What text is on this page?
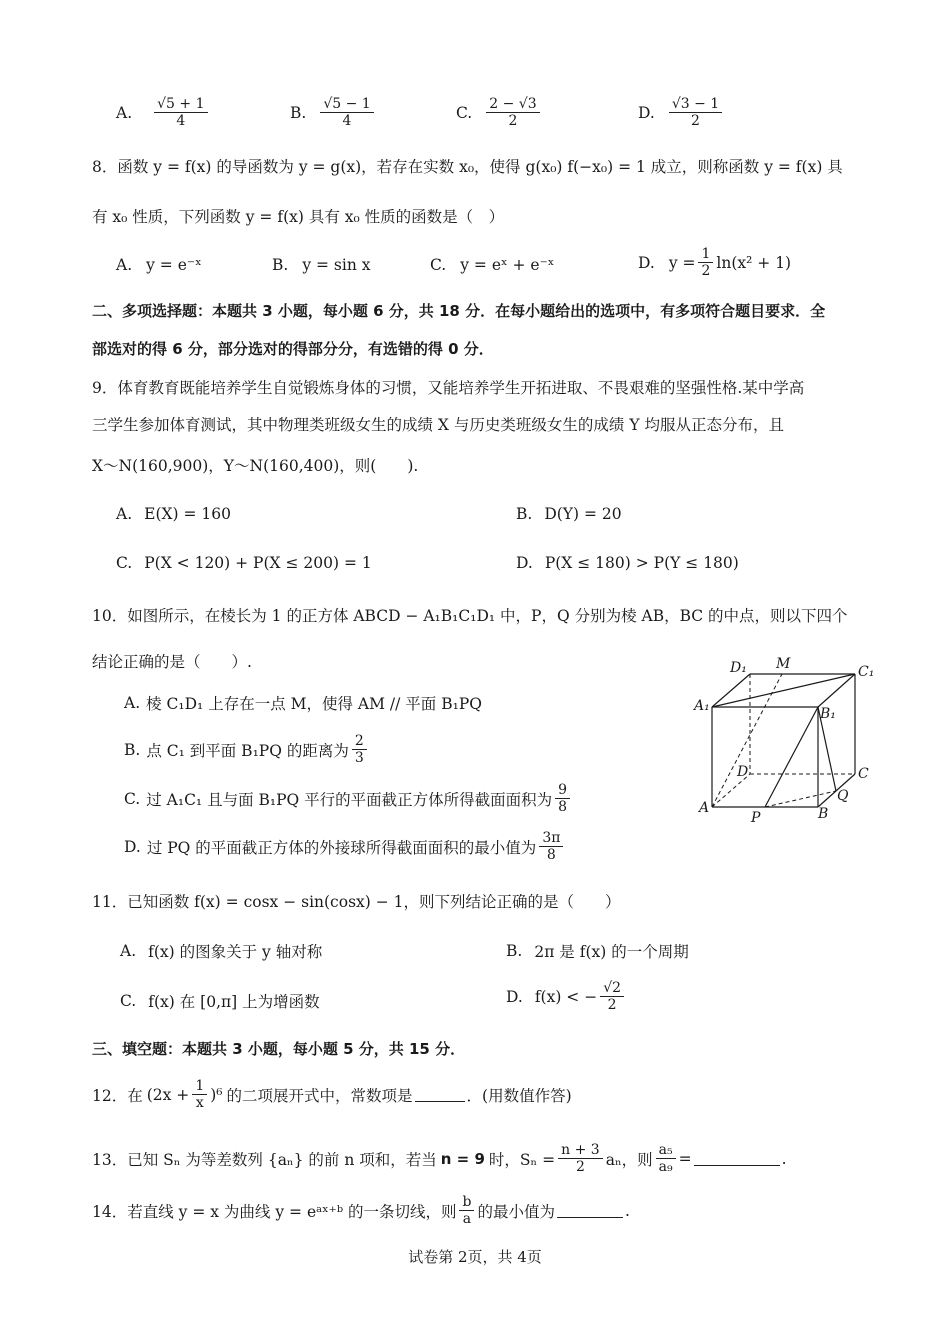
A. $\frac{√5 + 1}{4}$	B. $\frac{√5 - 1}{4}$	C. $\frac{2 - √3}{2}$	D. $\frac{√3 - 1}{2}$
8．函数 y = f(x) 的导函数为 y = g(x)，若存在实数 x₀，使得 g(x₀) f(−x₀) = 1 成立，则称函数 y = f(x) 具
有 x₀ 性质，下列函数 y = f(x) 具有 x₀ 性质的函数是（　）
A. y = e⁻ˣ	B. y = sin x	C. y = eˣ + e⁻ˣ	D. $y = \frac{1}{2} \ln(x^2 + 1)$
二、多项选择题：本题共 3 小题，每小题 6 分，共 18 分．在每小题给出的选项中，有多项符合题目要求．全
部选对的得 6 分，部分选对的得部分分，有选错的得 0 分．
9．体育教育既能培养学生自觉锻炼身体的习惯，又能培养学生开拓进取、不畏艰难的坚强性格.某中学高
三学生参加体育测试，其中物理类班级女生的成绩 X 与历史类班级女生的成绩 Y 均服从正态分布，且
X～N(160,900)，Y～N(160,400)，则(　　).
A. E(X) = 160	B. D(Y) = 20
C. P(X < 120) + P(X ≤ 200) = 1	D. P(X ≤ 180) > P(Y ≤ 180)
10．如图所示，在棱长为 1 的正方体 ABCD − A₁B₁C₁D₁ 中，P，Q 分别为棱 AB，BC 的中点，则以下四个
结论正确的是（　　）.
A. 棱 C₁D₁ 上存在一点 M，使得 AM // 平面 B₁PQ
B. 点 C₁ 到平面 B₁PQ 的距离为 $\frac{2}{3}$
C. 过 A₁C₁ 且与面 B₁PQ 平行的平面截正方体所得截面面积为 $\frac{9}{8}$
D. 过 PQ 的平面截正方体的外接球所得截面面积的最小值为 $\frac{3\pi}{8}$
D₁ M	C₁
A₁	B₁
D	C
Q
A
P	B
11．已知函数 f(x) = cosx − sin(cosx) − 1，则下列结论正确的是（　　）
A. f(x) 的图象关于 y 轴对称	B. 2π 是 f(x) 的一个周期
C. f(x) 在 [0,π] 上为增函数	D. f(x) < − $\frac{√2}{2}$
三、填空题：本题共 3 小题，每小题 5 分，共 15 分．
12．在 $(2x + \frac{1}{x} )^6$ 的二项展开式中，常数项是	．(用数值作答)
13．已知 Sₙ 为等差数列 {aₙ} 的前 n 项和，若当 n = 9 时，$S_n = \frac{n + 3}{2}$ aₙ，则 $\frac{\text{a₅}}{\text{a₉}}$ =	.
14．若直线 y = x 为曲线 y = eᵃˣ⁺ᵇ 的一条切线，则 $\frac{b}{a}$ 的最小值为	.
试卷第 2页，共 4页
